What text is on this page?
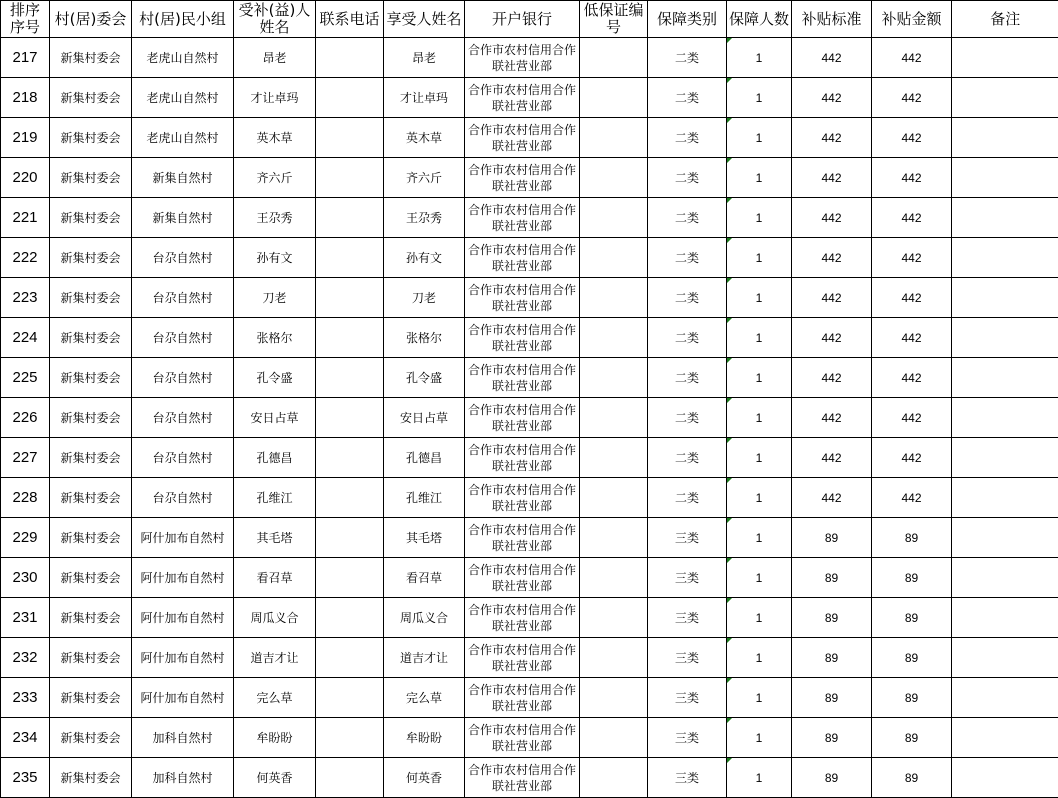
排序
序号	村(居)委会	村(居)民小组	受补(益)人姓名	联系电话	享受人姓名	开户银行	低保证编号	保障类别	保障人数	补贴标准	补贴金额	备注
217	新集村委会	老虎山自然村	昂老		昂老	合作市农村信用合作联社营业部		二类	1	442	442	
218	新集村委会	老虎山自然村	才让卓玛		才让卓玛	合作市农村信用合作联社营业部		二类	1	442	442	
219	新集村委会	老虎山自然村	英木草		英木草	合作市农村信用合作联社营业部		二类	1	442	442	
220	新集村委会	新集自然村	齐六斤		齐六斤	合作市农村信用合作联社营业部		二类	1	442	442	
221	新集村委会	新集自然村	王尕秀		王尕秀	合作市农村信用合作联社营业部		二类	1	442	442	
222	新集村委会	台尕自然村	孙有文		孙有文	合作市农村信用合作联社营业部		二类	1	442	442	
223	新集村委会	台尕自然村	刀老		刀老	合作市农村信用合作联社营业部		二类	1	442	442	
224	新集村委会	台尕自然村	张格尔		张格尔	合作市农村信用合作联社营业部		二类	1	442	442	
225	新集村委会	台尕自然村	孔令盛		孔令盛	合作市农村信用合作联社营业部		二类	1	442	442	
226	新集村委会	台尕自然村	安日占草		安日占草	合作市农村信用合作联社营业部		二类	1	442	442	
227	新集村委会	台尕自然村	孔德昌		孔德昌	合作市农村信用合作联社营业部		二类	1	442	442	
228	新集村委会	台尕自然村	孔维江		孔维江	合作市农村信用合作联社营业部		二类	1	442	442	
229	新集村委会	阿什加布自然村	其毛塔		其毛塔	合作市农村信用合作联社营业部		三类	1	89	89	
230	新集村委会	阿什加布自然村	看召草		看召草	合作市农村信用合作联社营业部		三类	1	89	89	
231	新集村委会	阿什加布自然村	周瓜义合		周瓜义合	合作市农村信用合作联社营业部		三类	1	89	89	
232	新集村委会	阿什加布自然村	道吉才让		道吉才让	合作市农村信用合作联社营业部		三类	1	89	89	
233	新集村委会	阿什加布自然村	完么草		完么草	合作市农村信用合作联社营业部		三类	1	89	89	
234	新集村委会	加科自然村	牟盼盼		牟盼盼	合作市农村信用合作联社营业部		三类	1	89	89	
235	新集村委会	加科自然村	何英香		何英香	合作市农村信用合作联社营业部		三类	1	89	89	
